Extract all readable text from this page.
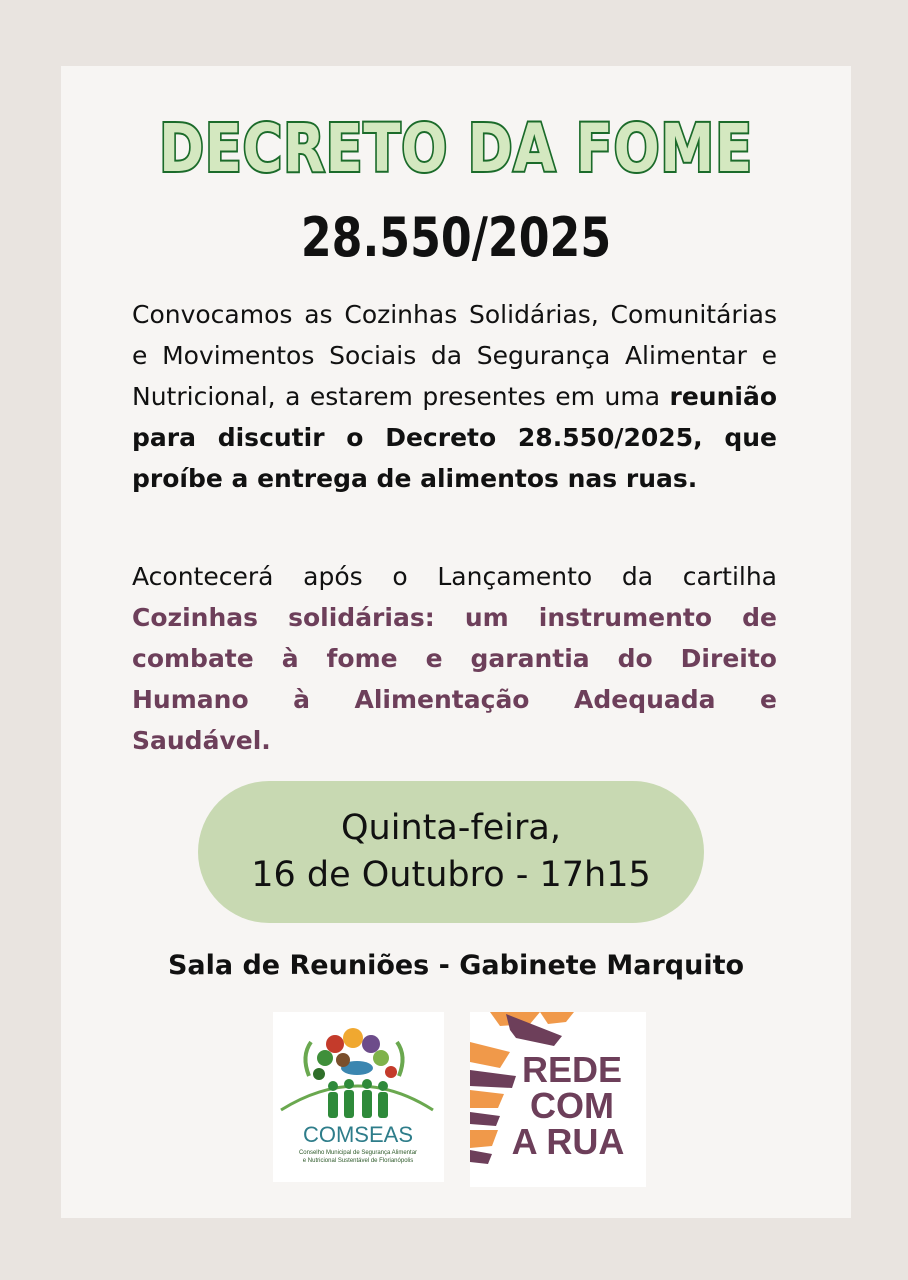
DECRETO DA FOME
28.550/2025
Convocamos as Cozinhas Solidárias, Comunitárias e Movimentos Sociais da Segurança Alimentar e Nutricional, a estarem presentes em uma reunião para discutir o Decreto 28.550/2025, que proíbe a entrega de alimentos nas ruas.
Acontecerá após o Lançamento da cartilha Cozinhas solidárias: um instrumento de combate à fome e garantia do Direito Humano à Alimentação Adequada e Saudável.
Quinta-feira,
16 de Outubro - 17h15
Sala de Reuniões - Gabinete Marquito
COMSEAS
Conselho Municipal de Segurança Alimentar
e Nutricional Sustentável de Florianópolis
REDE
COM
A RUA
